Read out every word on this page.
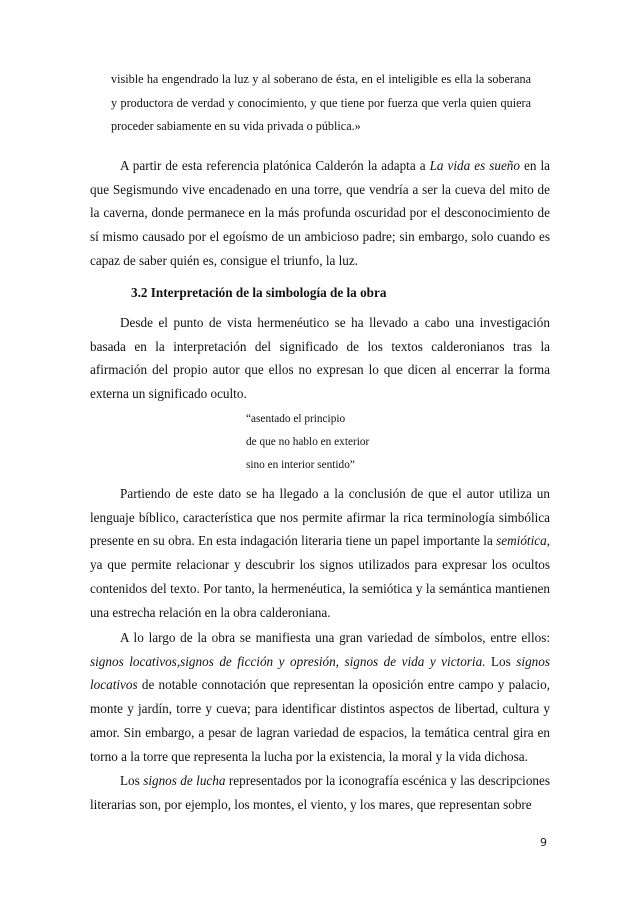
visible ha engendrado la luz y al soberano de ésta, en el inteligible es ella la soberana y productora de verdad y conocimiento, y que tiene por fuerza que verla quien quiera proceder sabiamente en su vida privada o pública.»

A partir de esta referencia platónica Calderón la adapta a La vida es sueño en la que Segismundo vive encadenado en una torre, que vendría a ser la cueva del mito de la caverna, donde permanece en la más profunda oscuridad por el desconocimiento de sí mismo causado por el egoísmo de un ambicioso padre; sin embargo, solo cuando es capaz de saber quién es, consigue el triunfo, la luz.

3.2 Interpretación de la simbología de la obra

Desde el punto de vista hermenéutico se ha llevado a cabo una investigación basada en la interpretación del significado de los textos calderonianos tras la afirmación del propio autor que ellos no expresan lo que dicen al encerrar la forma externa un significado oculto.

“asentado el principio
de que no hablo en exterior
sino en interior sentido”

Partiendo de este dato se ha llegado a la conclusión de que el autor utiliza un lenguaje bíblico, característica que nos permite afirmar la rica terminología simbólica presente en su obra. En esta indagación literaria tiene un papel importante la semiótica, ya que permite relacionar y descubrir los signos utilizados para expresar los ocultos contenidos del texto. Por tanto, la hermenéutica, la semiótica y la semántica mantienen una estrecha relación en la obra calderoniana.

A lo largo de la obra se manifiesta una gran variedad de símbolos, entre ellos: signos locativos,signos de ficción y opresión, signos de vida y victoria. Los signos locativos de notable connotación que representan la oposición entre campo y palacio, monte y jardín, torre y cueva; para identificar distintos aspectos de libertad, cultura y amor. Sin embargo, a pesar de lagran variedad de espacios, la temática central gira en torno a la torre que representa la lucha por la existencia, la moral y la vida dichosa.

Los signos de lucha representados por la iconografía escénica y las descripciones literarias son, por ejemplo, los montes, el viento, y los mares, que representan sobre

9
